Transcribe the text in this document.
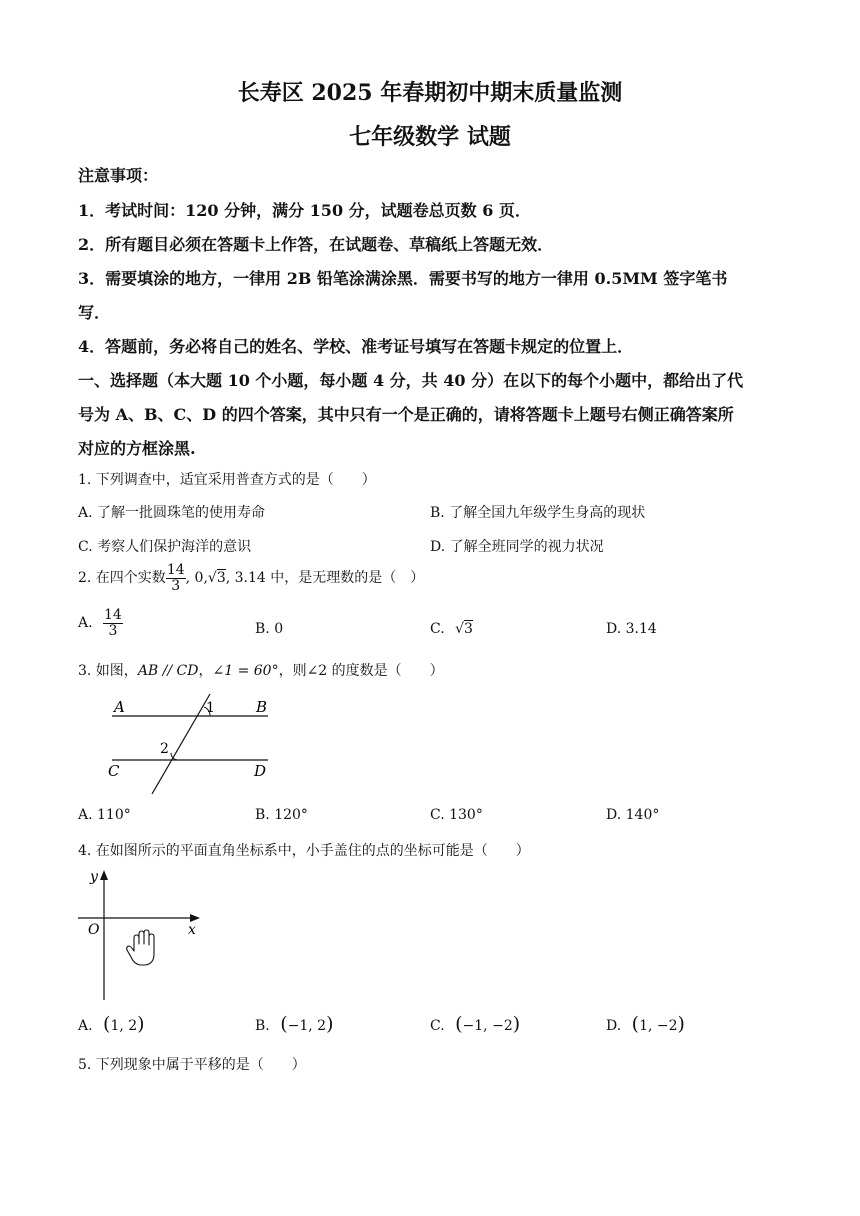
长寿区 2025 年春期初中期末质量监测
七年级数学 试题
注意事项：
1．考试时间：120 分钟，满分 150 分，试题卷总页数 6 页．
2．所有题目必须在答题卡上作答，在试题卷、草稿纸上答题无效．
3．需要填涂的地方，一律用 2B 铅笔涂满涂黑．需要书写的地方一律用 0.5MM 签字笔书
写．
4．答题前，务必将自己的姓名、学校、准考证号填写在答题卡规定的位置上．
一、选择题（本大题 10 个小题，每小题 4 分，共 40 分）在以下的每个小题中，都给出了代
号为 A、B、C、D 的四个答案，其中只有一个是正确的，请将答题卡上题号右侧正确答案所
对应的方框涂黑.
1. 下列调查中，适宜采用普查方式的是（　　）
A. 了解一批圆珠笔的使用寿命	B. 了解全国九年级学生身高的现状
C. 考察人们保护海洋的意识	D. 了解全班同学的视力状况
2. 在四个实数 $\frac{14}{3}$ , 0,√3, 3.14 中，是无理数的是（　）
A. $\frac{14}{3}$	B. 0	C. √3	D. 3.14
3. 如图，AB // CD，∠1 = 60°，则∠2 的度数是（　　）
A	B
C	D
1
2
A. 110°	B. 120°	C. 130°	D. 140°
4. 在如图所示的平面直角坐标系中，小手盖住的点的坐标可能是（　　）
y
x
O
A. (1, 2)	B. (−1, 2)	C. (−1, −2)	D. (1, −2)
5. 下列现象中属于平移的是（　　）
